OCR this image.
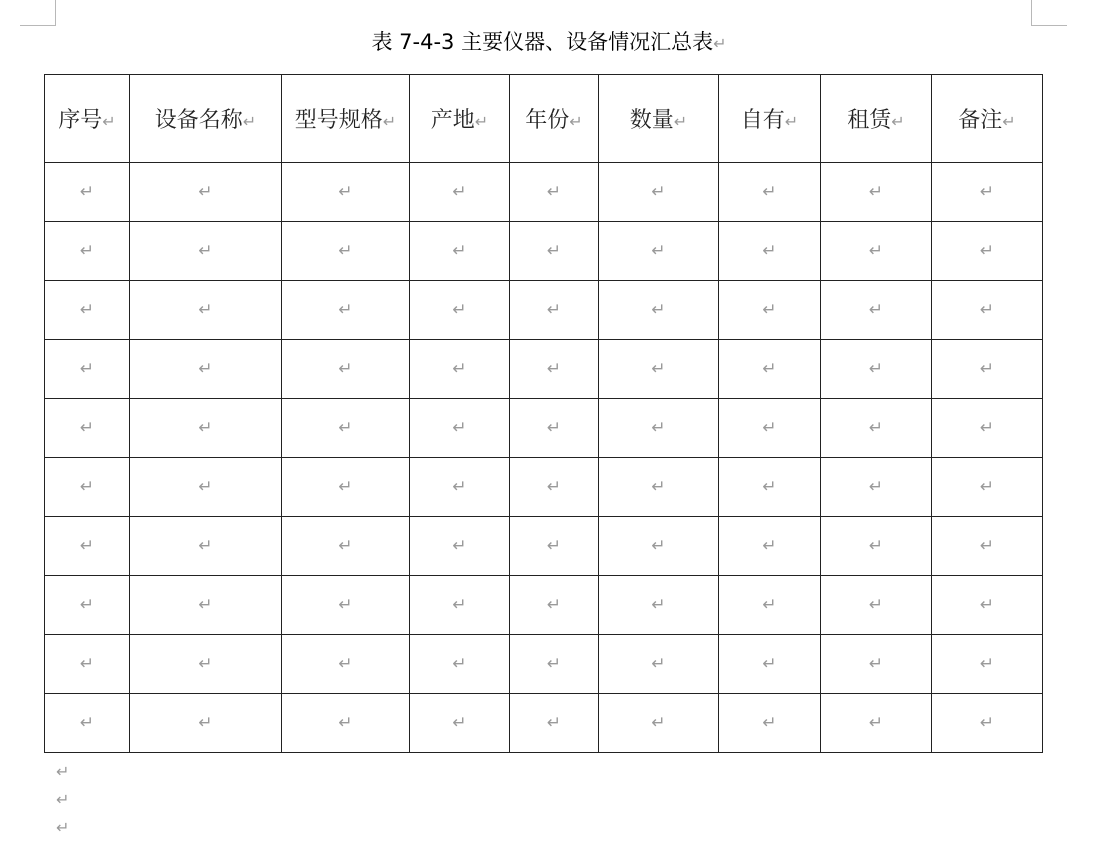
表 7-4-3 主要仪器、设备情况汇总表↵
序号↵	设备名称↵	型号规格↵	产地↵	年份↵	数量↵	自有↵	租赁↵	备注↵
↵	↵	↵	↵	↵	↵	↵	↵	↵
↵	↵	↵	↵	↵	↵	↵	↵	↵
↵	↵	↵	↵	↵	↵	↵	↵	↵
↵	↵	↵	↵	↵	↵	↵	↵	↵
↵	↵	↵	↵	↵	↵	↵	↵	↵
↵	↵	↵	↵	↵	↵	↵	↵	↵
↵	↵	↵	↵	↵	↵	↵	↵	↵
↵	↵	↵	↵	↵	↵	↵	↵	↵
↵	↵	↵	↵	↵	↵	↵	↵	↵
↵	↵	↵	↵	↵	↵	↵	↵	↵
↵
↵
↵
